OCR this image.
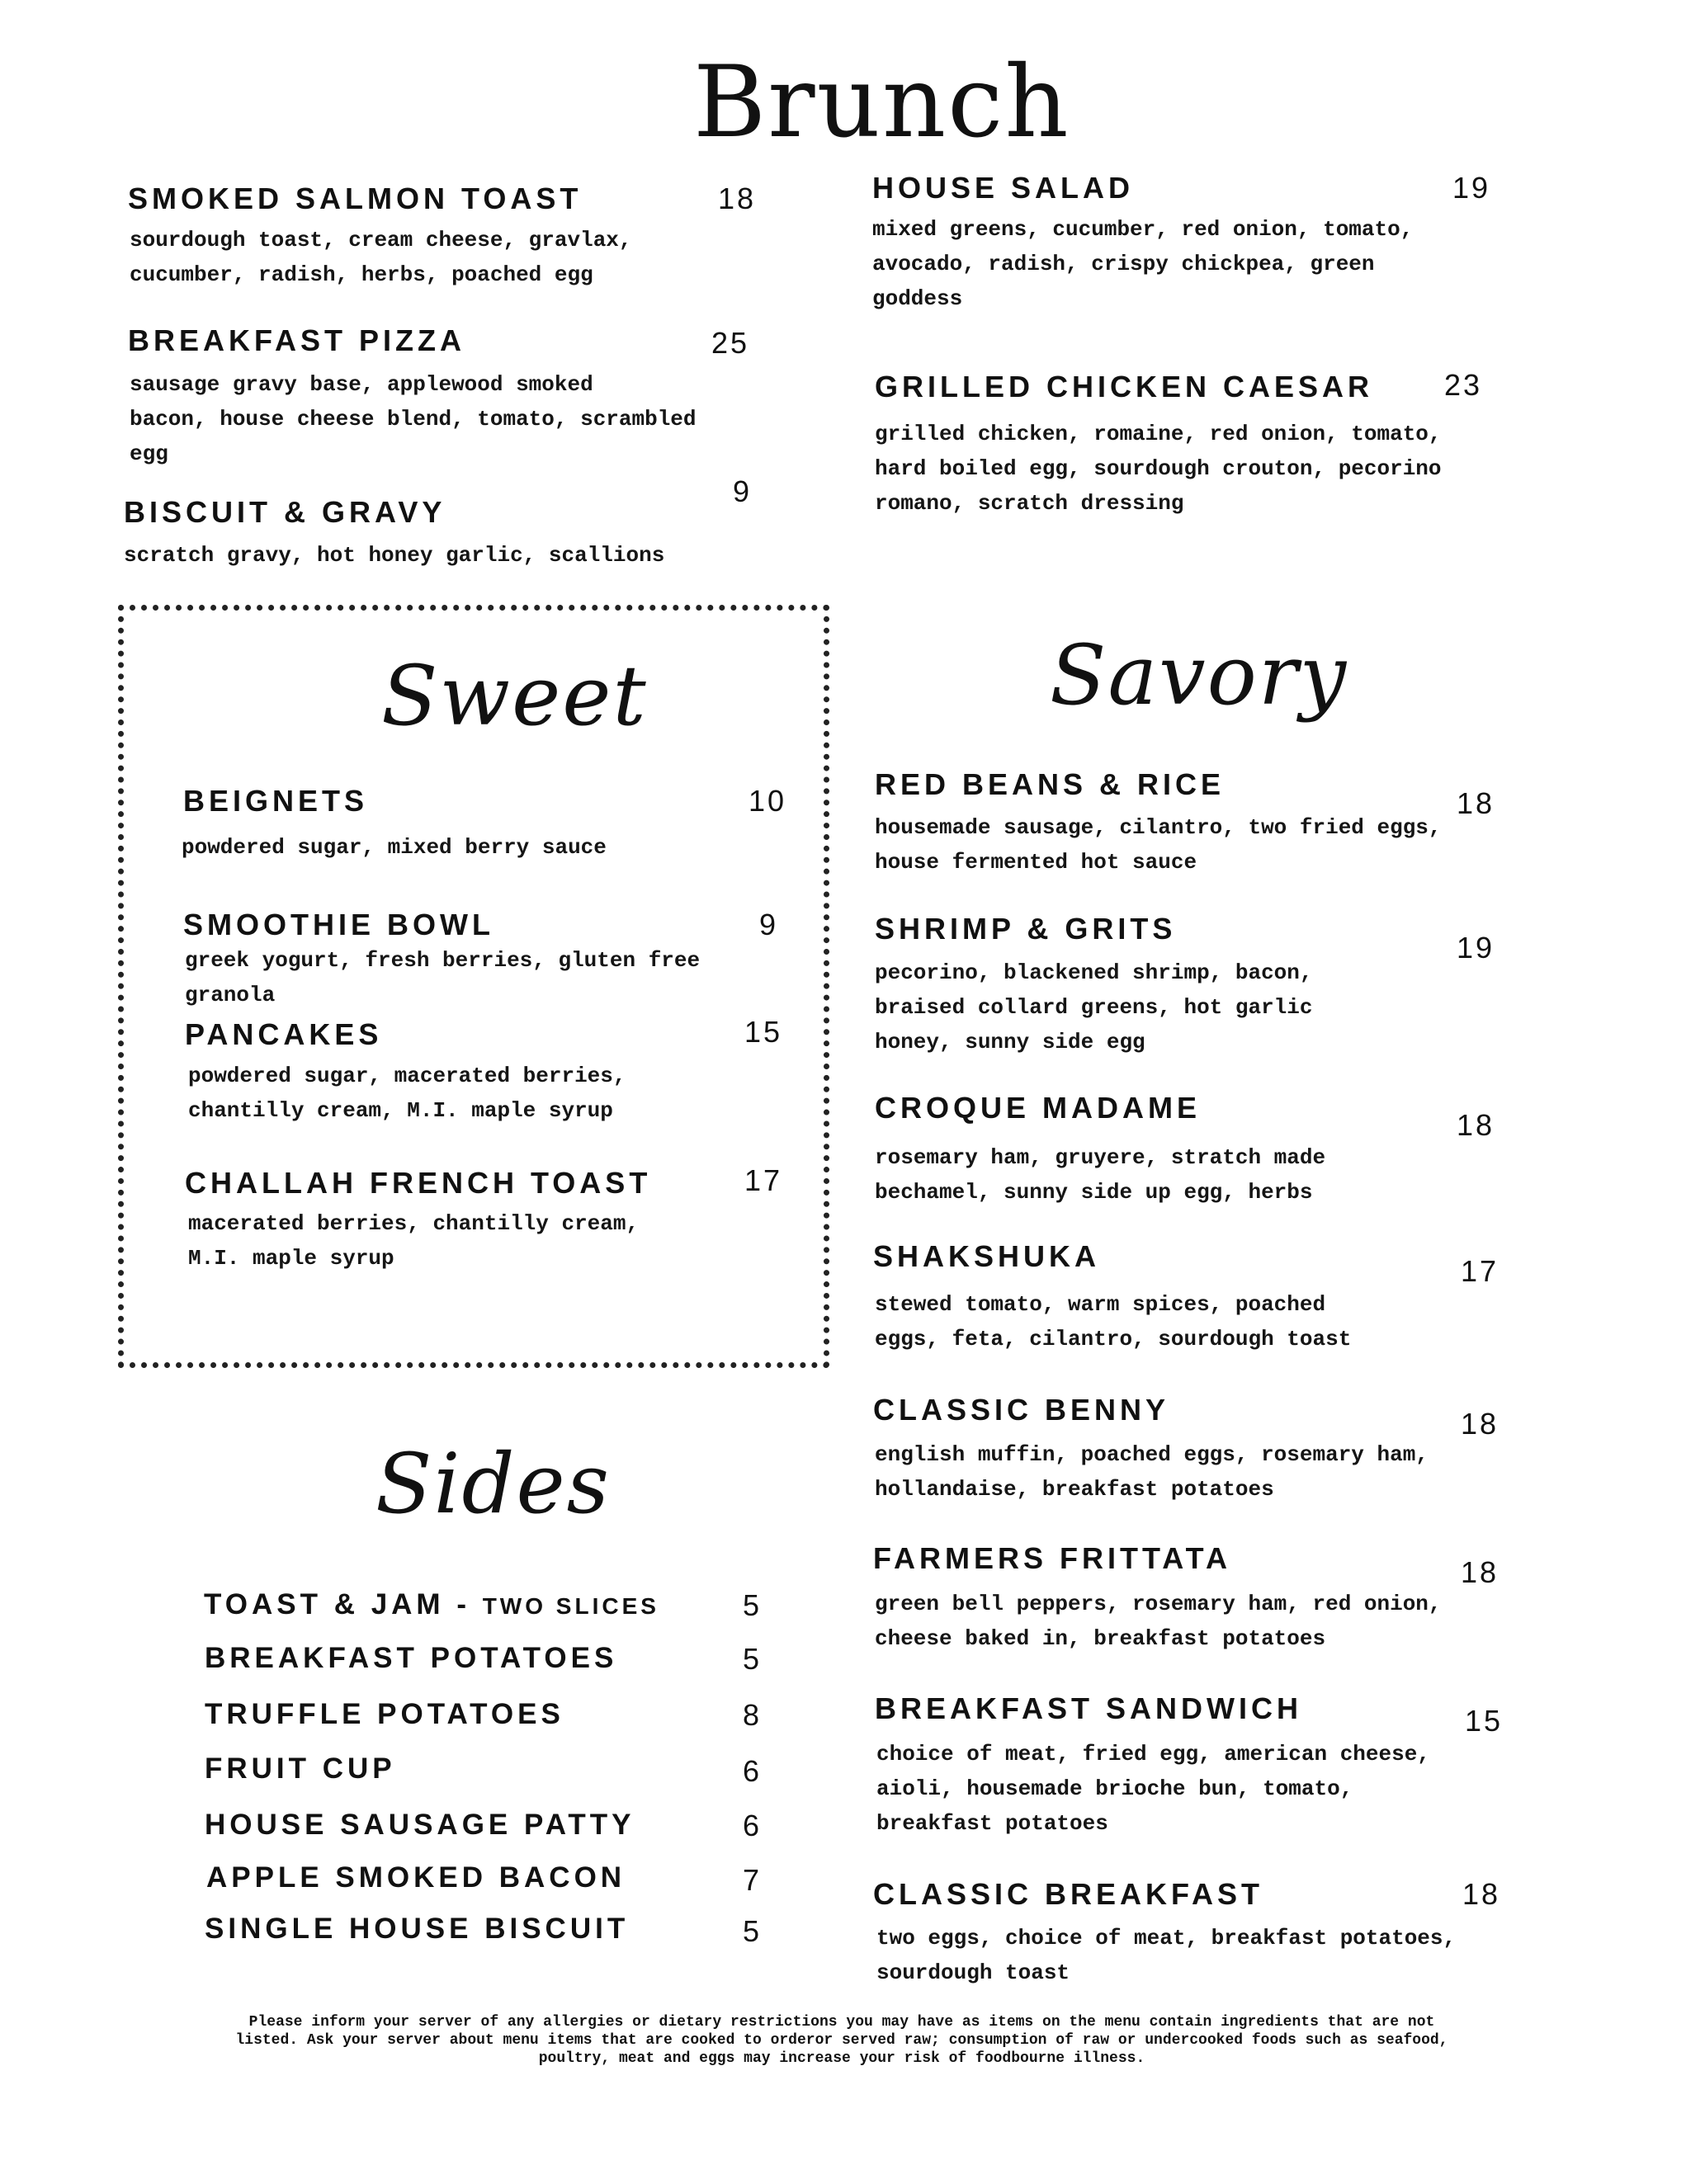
Brunch
SMOKED SALMON TOAST	18
sourdough toast, cream cheese, gravlax,
cucumber, radish, herbs, poached egg
BREAKFAST PIZZA	25
sausage gravy base, applewood smoked
bacon, house cheese blend, tomato, scrambled
egg
BISCUIT & GRAVY
9
scratch gravy, hot honey garlic, scallions
HOUSE SALAD	19
mixed greens, cucumber, red onion, tomato,
avocado, radish, crispy chickpea, green
goddess
GRILLED CHICKEN CAESAR 23
grilled chicken, romaine, red onion, tomato,
hard boiled egg, sourdough crouton, pecorino
romano, scratch dressing
Sweet
BEIGNETS	10
powdered sugar, mixed berry sauce
SMOOTHIE BOWL	9
greek yogurt, fresh berries, gluten free
granola
PANCAKES	15
powdered sugar, macerated berries,
chantilly cream, M.I. maple syrup
CHALLAH FRENCH TOAST	17
macerated berries, chantilly cream,
M.I. maple syrup
Sides
TOAST & JAM - TWO SLICES	5
BREAKFAST POTATOES	5
TRUFFLE POTATOES	8
FRUIT CUP	6
HOUSE SAUSAGE PATTY	6
APPLE SMOKED BACON	7
SINGLE HOUSE BISCUIT	5
Savory
RED BEANS & RICE
18
housemade sausage, cilantro, two fried eggs,
house fermented hot sauce
SHRIMP & GRITS
19
pecorino, blackened shrimp, bacon,
braised collard greens, hot garlic
honey, sunny side egg
CROQUE MADAME
18
rosemary ham, gruyere, stratch made
bechamel, sunny side up egg, herbs
SHAKSHUKA	17
stewed tomato, warm spices, poached
eggs, feta, cilantro, sourdough toast
CLASSIC BENNY	18
english muffin, poached eggs, rosemary ham,
hollandaise, breakfast potatoes
FARMERS FRITTATA	18
green bell peppers, rosemary ham, red onion,
cheese baked in, breakfast potatoes
BREAKFAST SANDWICH	15
choice of meat, fried egg, american cheese,
aioli, housemade brioche bun, tomato,
breakfast potatoes
CLASSIC BREAKFAST	18
two eggs, choice of meat, breakfast potatoes,
sourdough toast
Please inform your server of any allergies or dietary restrictions you may have as items on the menu contain ingredients that are not
listed. Ask your server about menu items that are cooked to orderor served raw; consumption of raw or undercooked foods such as seafood,
poultry, meat and eggs may increase your risk of foodbourne illness.
